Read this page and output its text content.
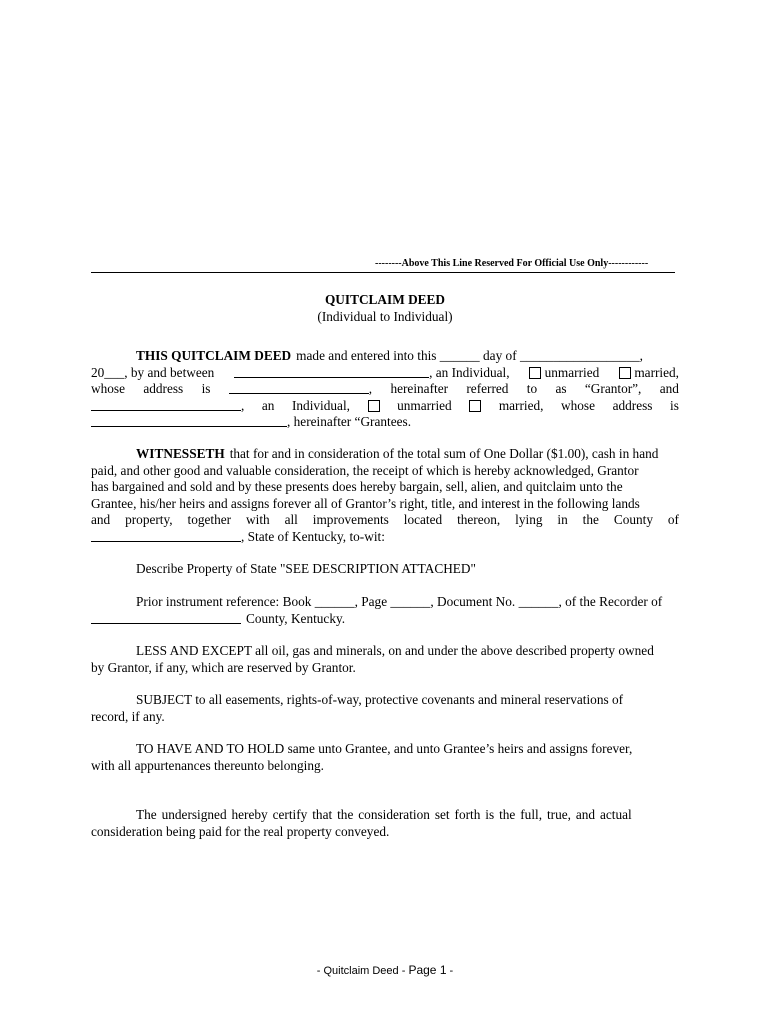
--------Above This Line Reserved For Official Use Only------------
QUITCLAIM DEED
(Individual to Individual)
THIS QUITCLAIM DEED made and entered into this ______ day of __________________,
20___, by and between	, an Individual,	unmarried	married,
whose address is	, hereinafter referred to as “Grantor”, and
, an Individual,	unmarried	married, whose address is
, hereinafter “Grantees.
WITNESSETH that for and in consideration of the total sum of One Dollar ($1.00), cash in hand
paid, and other good and valuable consideration, the receipt of which is hereby acknowledged, Grantor
has bargained and sold and by these presents does hereby bargain, sell, alien, and quitclaim unto the
Grantee, his/her heirs and assigns forever all of Grantor’s right, title, and interest in the following lands
and property, together with all improvements located thereon, lying in the County of
, State of Kentucky, to-wit:
Describe Property of State "SEE DESCRIPTION ATTACHED"
Prior instrument reference: Book ______, Page ______, Document No. ______, of the Recorder of
County, Kentucky.
LESS AND EXCEPT all oil, gas and minerals, on and under the above described property owned
by Grantor, if any, which are reserved by Grantor.
SUBJECT to all easements, rights-of-way, protective covenants and mineral reservations of
record, if any.
TO HAVE AND TO HOLD same unto Grantee, and unto Grantee’s heirs and assigns forever,
with all appurtenances thereunto belonging.
The undersigned hereby certify that the consideration set forth is the full, true, and actual
consideration being paid for the real property conveyed.
- Quitclaim Deed - Page 1 -
